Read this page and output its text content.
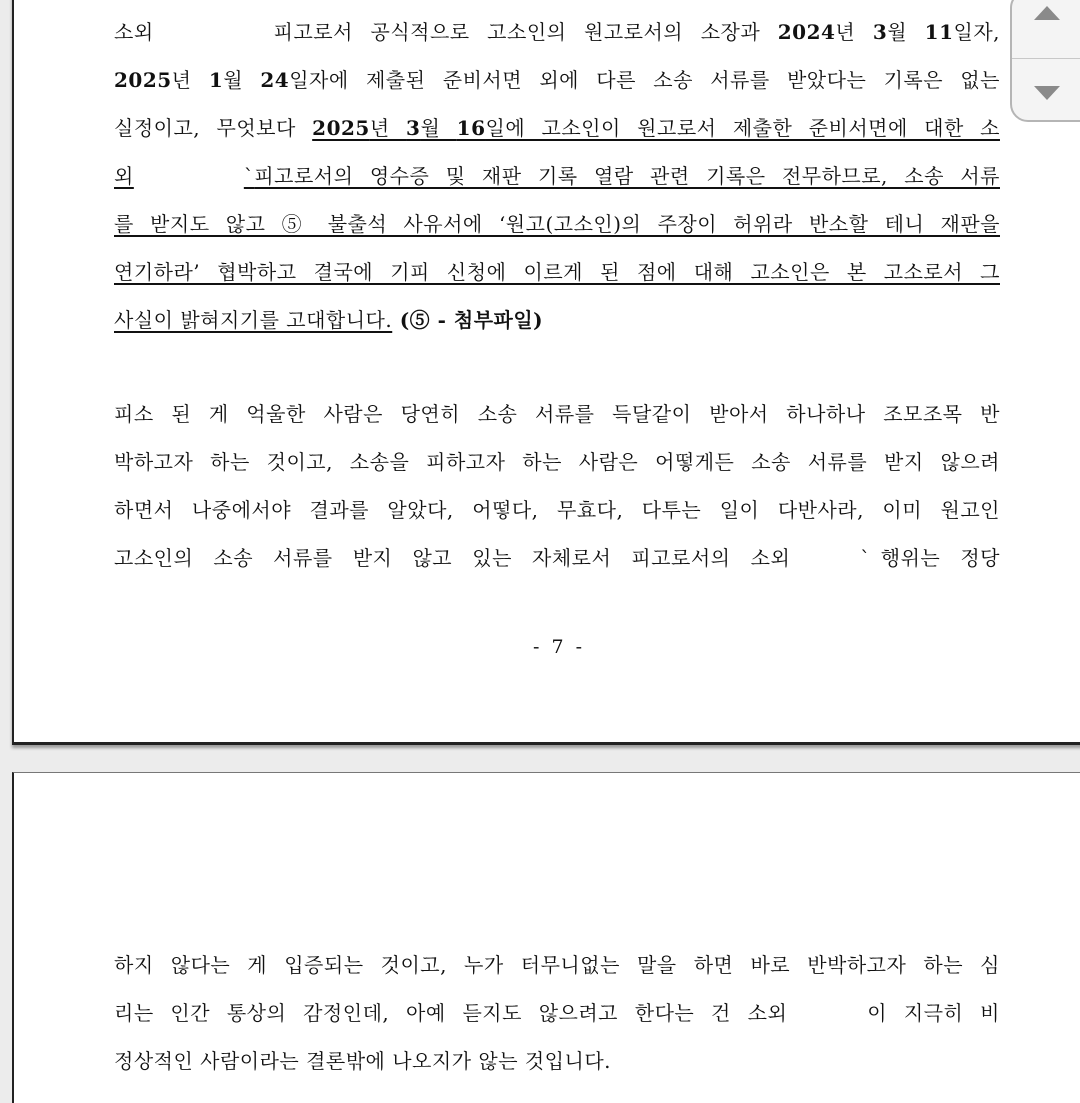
소외	피고로서 공식적으로 고소인의 원고로서의 소장과 2024년 3월 11일자,
2025년 1월 24일자에 제출된 준비서면 외에 다른 소송 서류를 받았다는 기록은 없는
실정이고, 무엇보다 2025년 3월 16일에 고소인이 원고로서 제출한 준비서면에 대한 소
외	`피고로서의 영수증 및 재판 기록 열람 관련 기록은 전무하므로, 소송 서류
를 받지도 않고 ⑤ 불출석 사유서에 ‘원고(고소인)의 주장이 허위라 반소할 테니 재판을
연기하라’ 협박하고 결국에 기피 신청에 이르게 된 점에 대해 고소인은 본 고소로서 그
사실이 밝혀지기를 고대합니다. (⑤ - 첨부파일)
피소 된 게 억울한 사람은 당연히 소송 서류를 득달같이 받아서 하나하나 조모조목 반
박하고자 하는 것이고, 소송을 피하고자 하는 사람은 어떻게든 소송 서류를 받지 않으려
하면서 나중에서야 결과를 알았다, 어떻다, 무효다, 다투는 일이 다반사라, 이미 원고인
고소인의 소송 서류를 받지 않고 있는 자체로서 피고로서의 소외	` 행위는 정당
- 7 -
하지 않다는 게 입증되는 것이고, 누가 터무니없는 말을 하면 바로 반박하고자 하는 심
리는 인간 통상의 감정인데, 아예 듣지도 않으려고 한다는 건 소외	이 지극히 비
정상적인 사람이라는 결론밖에 나오지가 않는 것입니다.
